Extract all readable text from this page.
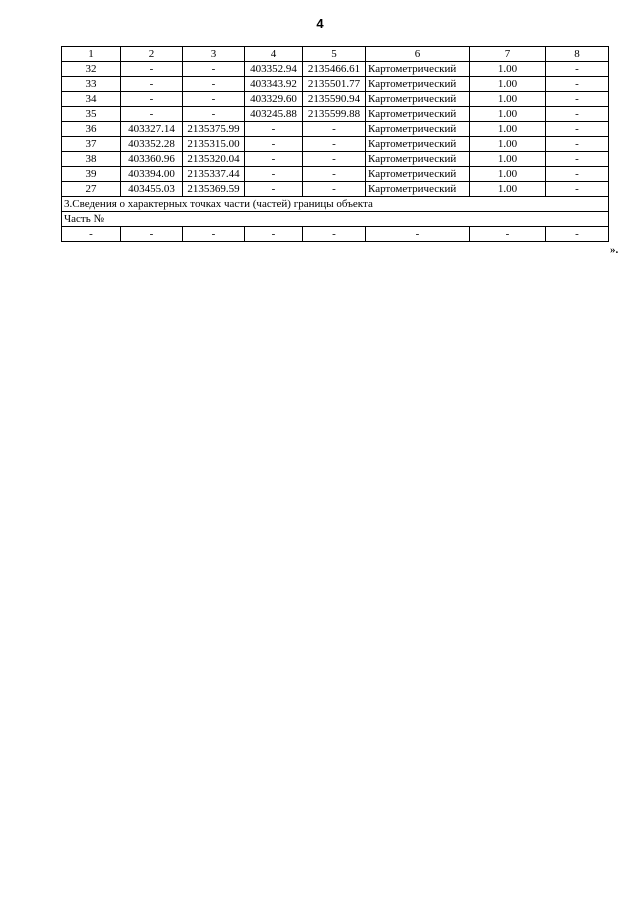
4
1	2	3	4	5	6	7	8
32	-	-	403352.94	2135466.61	Картометрический	1.00	-
33	-	-	403343.92	2135501.77	Картометрический	1.00	-
34	-	-	403329.60	2135590.94	Картометрический	1.00	-
35	-	-	403245.88	2135599.88	Картометрический	1.00	-
36	403327.14	2135375.99	-	-	Картометрический	1.00	-
37	403352.28	2135315.00	-	-	Картометрический	1.00	-
38	403360.96	2135320.04	-	-	Картометрический	1.00	-
39	403394.00	2135337.44	-	-	Картометрический	1.00	-
27	403455.03	2135369.59	-	-	Картометрический	1.00	-
3.Сведения о характерных точках части (частей) границы объекта							
Часть №							
-	-	-	-	-	-	-	-
».
